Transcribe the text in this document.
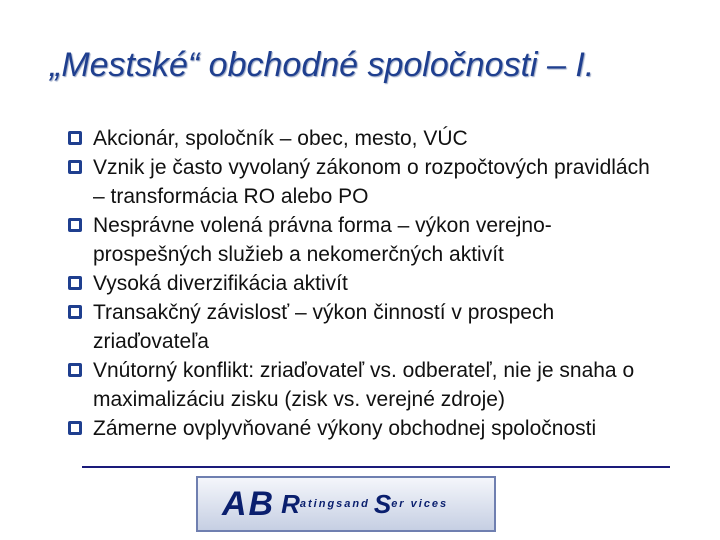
„Mestské“ obchodné spoločnosti – I.
Akcionár, spoločník – obec, mesto, VÚC
Vznik je často vyvolaný zákonom o rozpočtových pravidlách – transformácia RO alebo PO
Nesprávne volená právna forma – výkon verejno-prospešných služieb a nekomerčných aktivít
Vysoká diverzifikácia aktivít
Transakčný závislosť – výkon činností v prospech zriaďovateľa
Vnútorný konflikt: zriaďovateľ vs. odberateľ, nie je snaha o maximalizáciu zisku (zisk vs. verejné zdroje)
Zámerne ovplyvňované výkony obchodnej spoločnosti
AB R atingsand S er vices
